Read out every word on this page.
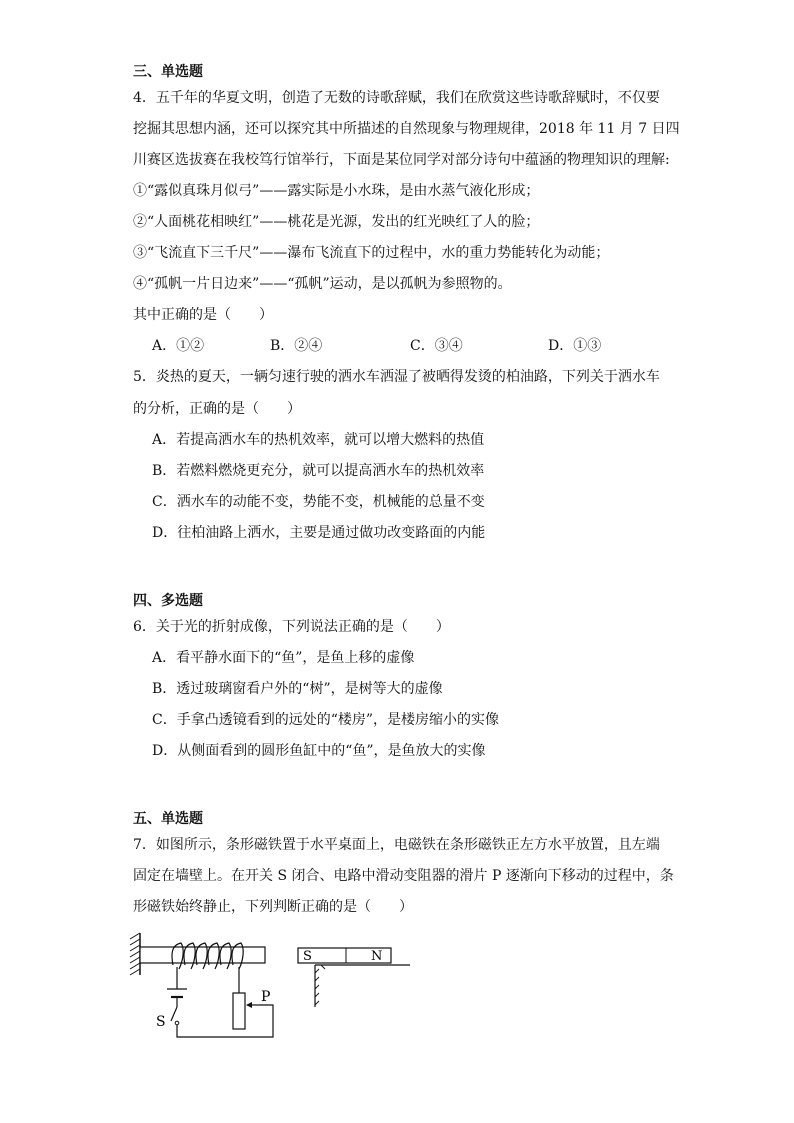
三、单选题
4．五千年的华夏文明，创造了无数的诗歌辞赋，我们在欣赏这些诗歌辞赋时，不仅要
挖掘其思想内涵，还可以探究其中所描述的自然现象与物理规律，2018 年 11 月 7 日四
川赛区选拔赛在我校笃行馆举行，下面是某位同学对部分诗句中蕴涵的物理知识的理解:
①“露似真珠月似弓”——露实际是小水珠，是由水蒸气液化形成；
②“人面桃花相映红”——桃花是光源，发出的红光映红了人的脸；
③“飞流直下三千尺”——瀑布飞流直下的过程中，水的重力势能转化为动能；
④“孤帆一片日边来”——“孤帆”运动，是以孤帆为参照物的。
其中正确的是（　　）
A．①②	B．②④	C．③④	D．①③
5．炎热的夏天，一辆匀速行驶的洒水车洒湿了被晒得发烫的柏油路，下列关于洒水车
的分析，正确的是（　　）
A．若提高洒水车的热机效率，就可以增大燃料的热值
B．若燃料燃烧更充分，就可以提高洒水车的热机效率
C．洒水车的动能不变，势能不变，机械能的总量不变
D．往柏油路上洒水，主要是通过做功改变路面的内能
四、多选题
6．关于光的折射成像，下列说法正确的是（　　）
A．看平静水面下的“鱼”，是鱼上移的虚像
B．透过玻璃窗看户外的“树”，是树等大的虚像
C．手拿凸透镜看到的远处的“楼房”，是楼房缩小的实像
D．从侧面看到的圆形鱼缸中的“鱼”，是鱼放大的实像
五、单选题
7．如图所示，条形磁铁置于水平桌面上，电磁铁在条形磁铁正左方水平放置，且左端
固定在墙壁上。在开关 S 闭合、电路中滑动变阻器的滑片 P 逐渐向下移动的过程中，条
形磁铁始终静止，下列判断正确的是（　　）
S
P
S	N
